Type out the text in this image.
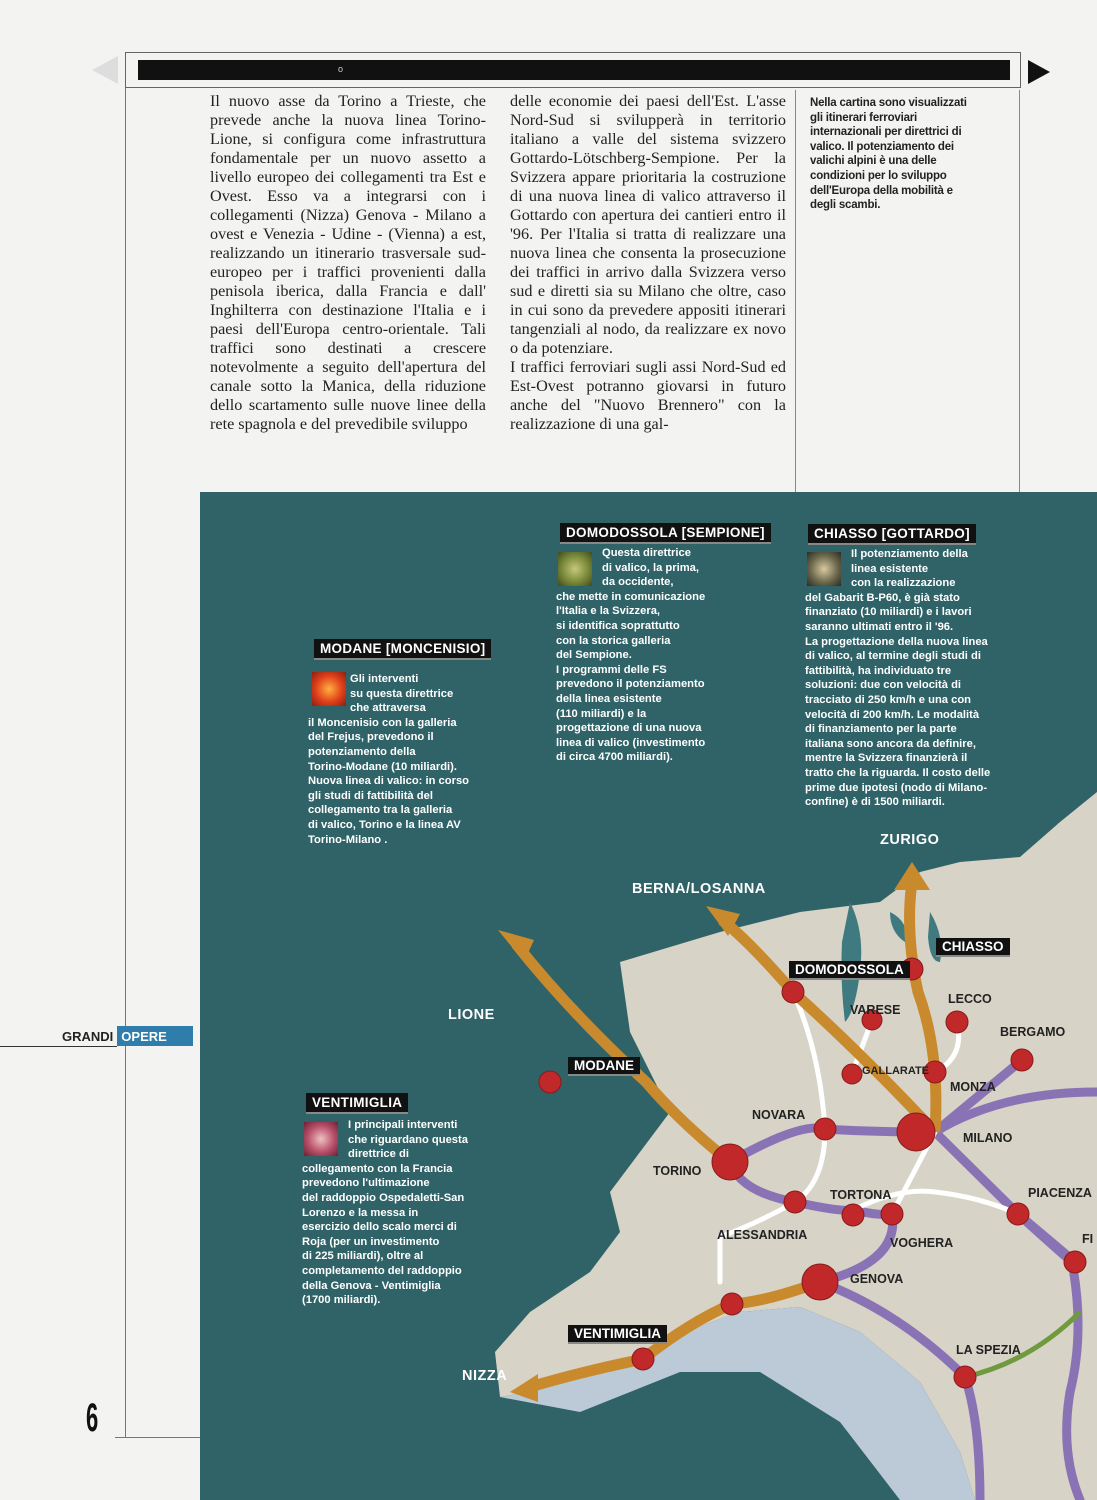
o
Il nuovo asse da Torino a Trieste, che prevede anche la nuova linea Torino-Lione, si configura come infrastruttura fondamentale per un nuovo assetto a livello europeo dei collegamenti tra Est e Ovest. Esso va a integrarsi con i collegamenti (Nizza) Genova - Milano a ovest e Venezia - Udine - (Vienna) a est, realizzando un itinerario trasversale sud-europeo per i traffici provenienti dalla penisola iberica, dalla Francia e dall' Inghilterra con destinazione l'Italia e i paesi dell'Europa centro-orientale. Tali traffici sono destinati a crescere notevolmente a seguito dell'apertura del canale sotto la Manica, della riduzione dello scartamento sulle nuove linee della rete spagnola e del prevedibile sviluppo
delle economie dei paesi dell'Est. L'asse Nord-Sud si svilupperà in territorio italiano a valle del sistema svizzero Gottardo-Lötschberg-Sempione. Per la Svizzera appare prioritaria la costruzione di una nuova linea di valico attraverso il Gottardo con apertura dei cantieri entro il '96. Per l'Italia si tratta di realizzare una nuova linea che consenta la prosecuzione dei traffici in arrivo dalla Svizzera verso sud e diretti sia su Milano che oltre, caso in cui sono da prevedere appositi itinerari tangenziali al nodo, da realizzare ex novo o da potenziare.
I traffici ferroviari sugli assi Nord-Sud ed Est-Ovest potranno giovarsi in futuro anche del "Nuovo Brennero" con la realizzazione di una gal-
Nella cartina sono visualizzati gli itinerari ferroviari internazionali per direttrici di valico. Il potenziamento dei valichi alpini è una delle condizioni per lo sviluppo dell'Europa della mobilità e degli scambi.
GRANDI OPERE
6
MODANE [MONCENISIO]
Gli interventi
su questa direttrice
che attraversa
il Moncenisio con la galleria
del Frejus, prevedono il
potenziamento della
Torino-Modane (10 miliardi).
Nuova linea di valico: in corso
gli studi di fattibilità del
collegamento tra la galleria
di valico, Torino e la linea AV
Torino-Milano .
DOMODOSSOLA [SEMPIONE]
Questa direttrice
di valico, la prima,
da occidente,
che mette in comunicazione
l'Italia e la Svizzera,
si identifica soprattutto
con la storica galleria
del Sempione.
I programmi delle FS
prevedono il potenziamento
della linea esistente
(110 miliardi) e la
progettazione di una nuova
linea di valico (investimento
di circa 4700 miliardi).
CHIASSO [GOTTARDO]
Il potenziamento della
linea esistente
con la realizzazione
del Gabarit B-P60, è già stato
finanziato (10 miliardi) e i lavori
saranno ultimati entro il '96.
La progettazione della nuova linea
di valico, al termine degli studi di
fattibilità, ha individuato tre
soluzioni: due con velocità di
tracciato di 250 km/h e una con
velocità di 200 km/h. Le modalità
di finanziamento per la parte
italiana sono ancora da definire,
mentre la Svizzera finanzierà il
tratto che la riguarda. Il costo delle
prime due ipotesi (nodo di Milano-
confine) è di 1500 miliardi.
VENTIMIGLIA
I principali interventi
che riguardano questa
direttrice di
collegamento con la Francia
prevedono l'ultimazione
del raddoppio Ospedaletti-San
Lorenzo e la messa in
esercizio dello scalo merci di
Roja (per un investimento
di 225 miliardi), oltre al
completamento del raddoppio
della Genova - Ventimiglia
(1700 miliardi).
ZURIGO
BERNA/LOSANNA
LIONE
NIZZA
CHIASSO
DOMODOSSOLA
MODANE
VENTIMIGLIA
VARESE
LECCO
BERGAMO
GALLARATE
MONZA
NOVARA
MILANO
TORINO
TORTONA	PIACENZA
ALESSANDRIA
VOGHERA
GENOVA
LA SPEZIA
FI
